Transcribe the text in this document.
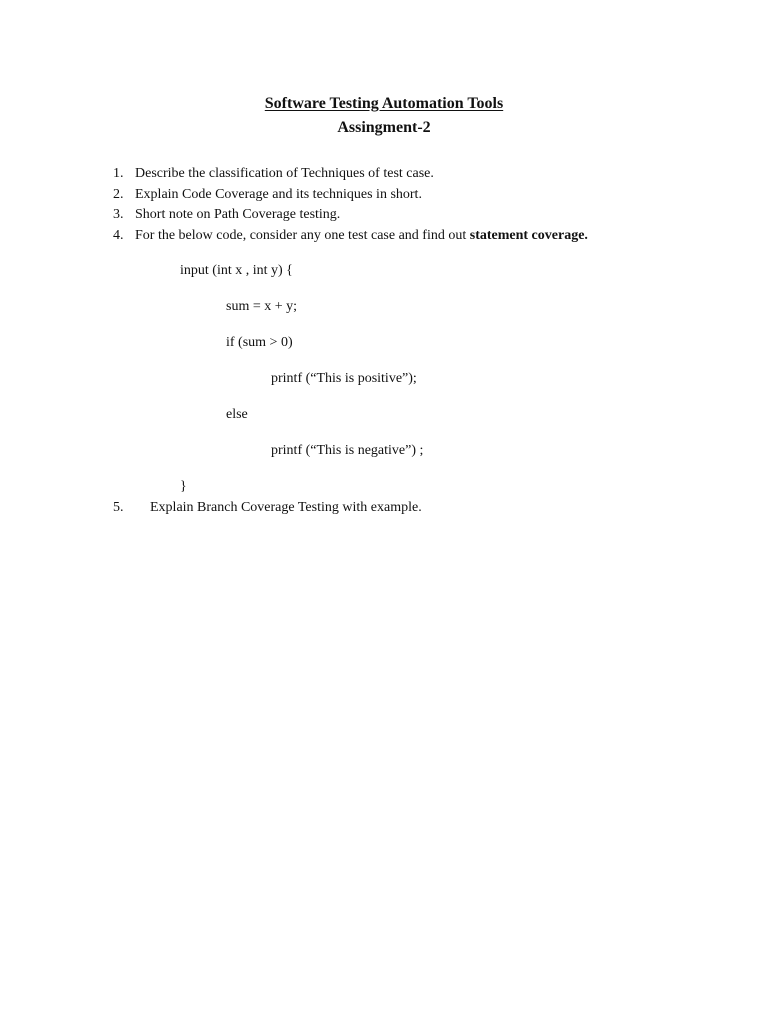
Software Testing Automation Tools
Assingment-2
1. Describe the classification of Techniques of test case.
2. Explain Code Coverage and its techniques in short.
3. Short note on Path Coverage testing.
4. For the below code, consider any one test case and find out statement coverage.
input (int x , int y) {
sum = x + y;
if (sum > 0)
printf (“This is positive”);
else
printf (“This is negative”) ;
}
5. Explain Branch Coverage Testing with example.
